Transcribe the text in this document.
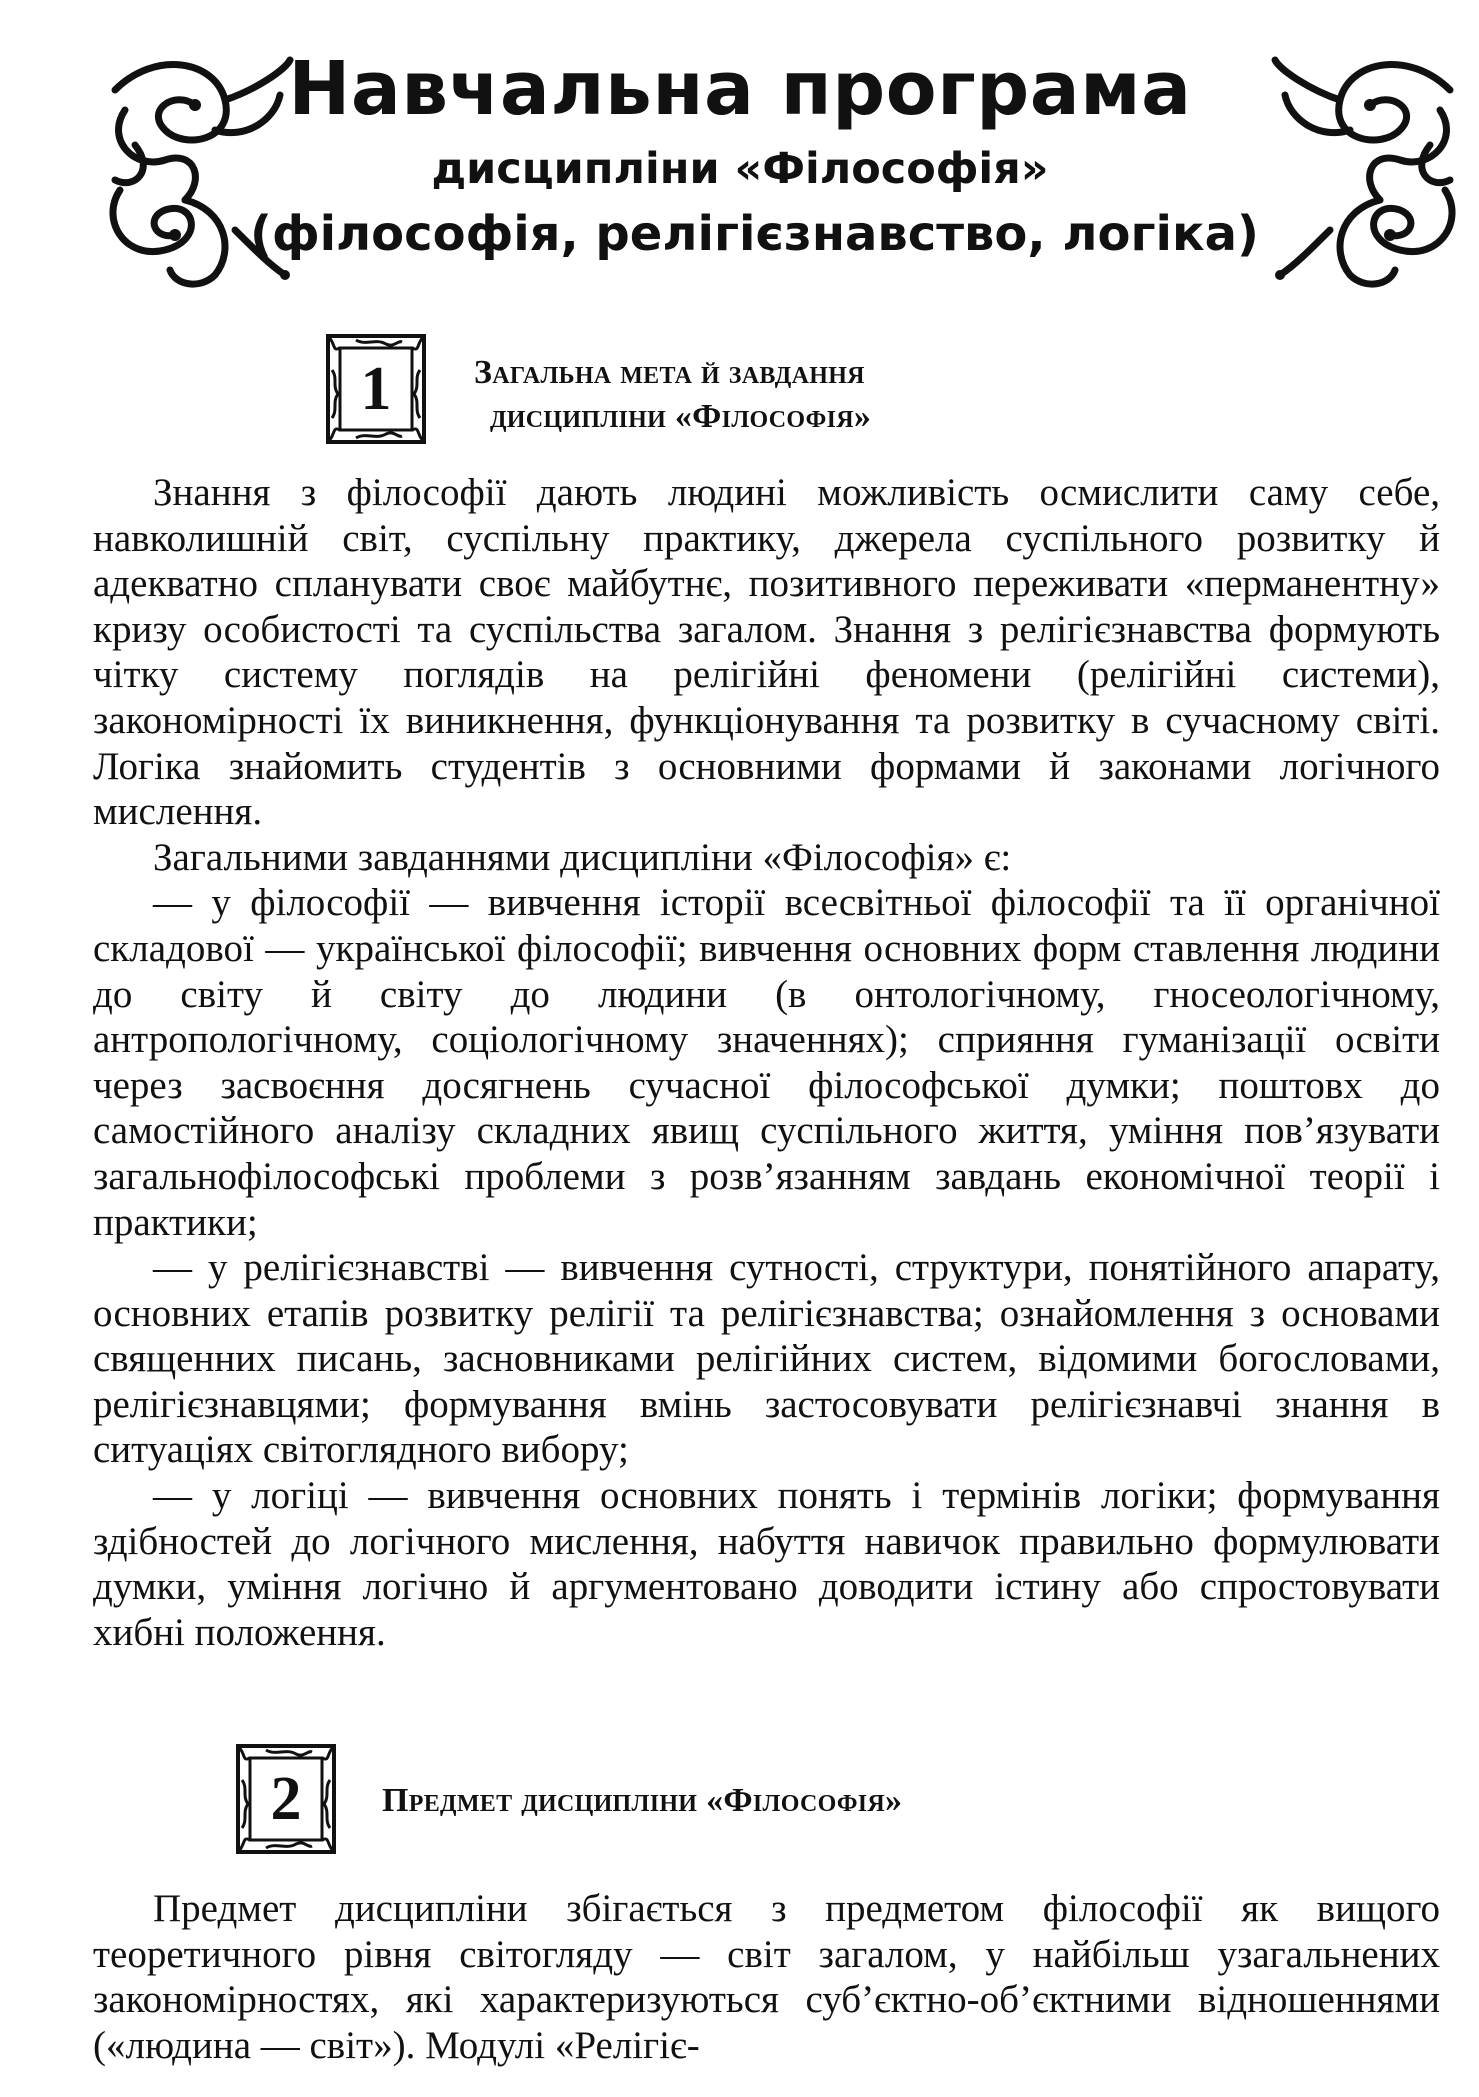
Навчальна програма
дисципліни «Філософія»
(філософія, релігієзнавство, логіка)
1	Загальна мета й завдання
дисципліни «Філософія»

Знання з філософії дають людині можливість осмислити саму себе, навколишній світ, суспільну практику, джерела суспільного розвитку й адекватно спланувати своє майбутнє, позитивного переживати «перманентну» кризу особистості та суспільства загалом. Знання з релігієзнавства формують чітку систему поглядів на релігійні феномени (релігійні системи), закономірності їх виникнення, функціонування та розвитку в сучасному світі. Логіка знайомить студентів з основними формами й законами логічного мислення.

Загальними завданнями дисципліни «Філософія» є:

— у філософії — вивчення історії всесвітньої філософії та її органічної складової — української філософії; вивчення основних форм ставлення людини до світу й світу до людини (в онтологічному, гносеологічному, антропологічному, соціологічному значеннях); сприяння гуманізації освіти через засвоєння досягнень сучасної філософської думки; поштовх до самостійного аналізу складних явищ суспільного життя, уміння пов’язувати загальнофілософські проблеми з розв’язанням завдань економічної теорії і практики;

— у релігієзнавстві — вивчення сутності, структури, понятійного апарату, основних етапів розвитку релігії та релігієзнавства; ознайомлення з основами священних писань, засновниками релігійних систем, відомими богословами, релігієзнавцями; формування вмінь застосовувати релігієзнавчі знання в ситуаціях світоглядного вибору;

— у логіці — вивчення основних понять і термінів логіки; формування здібностей до логічного мислення, набуття навичок правильно формулювати думки, уміння логічно й аргументовано доводити істину або спростовувати хибні положення.

2	Предмет дисципліни «Філософія»

Предмет дисципліни збігається з предметом філософії як вищого теоретичного рівня світогляду — світ загалом, у найбільш узагальнених закономірностях, які характеризуються суб’єктно-об’єктними відношеннями («людина — світ»). Модулі «Релігіє-
